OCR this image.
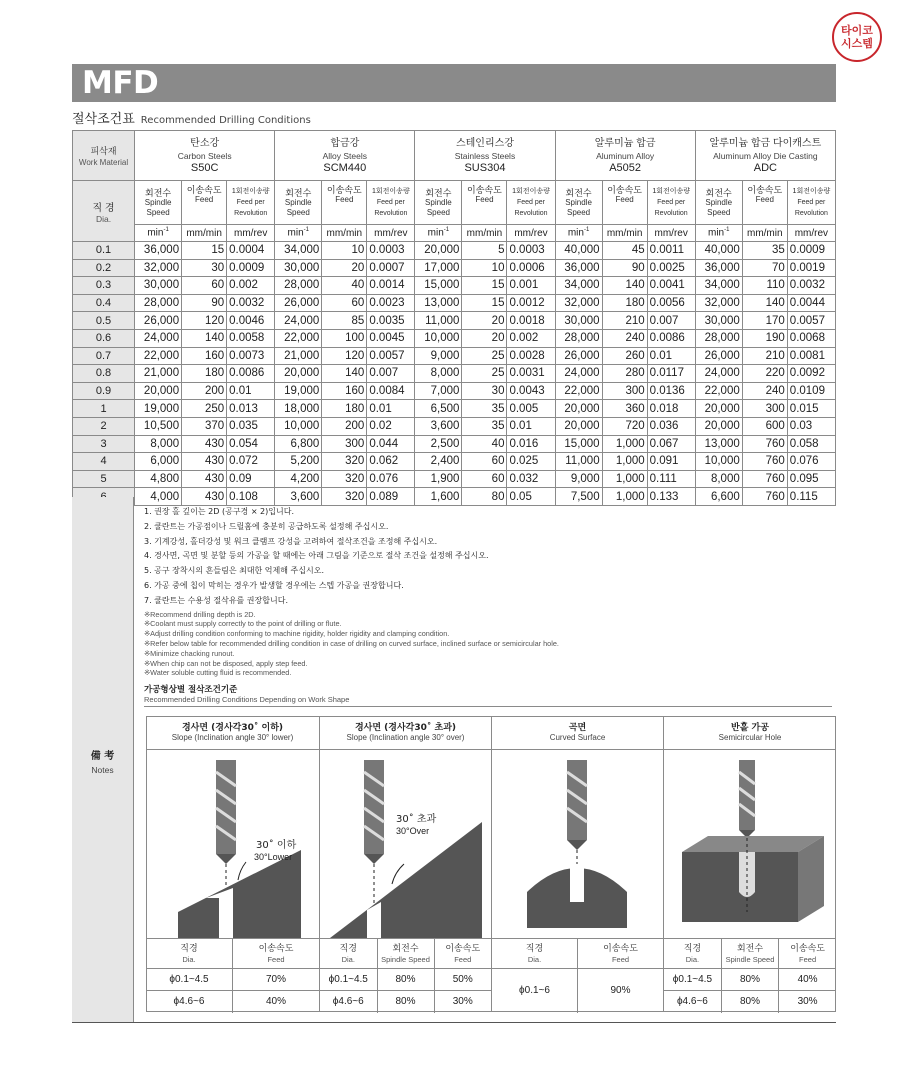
타이코
시스템
MFD
절삭조건표 Recommended Drilling Conditions
피삭재
Work Material	탄소강
Carbon Steels
S50C			합금강
Alloy Steels
SCM440			스테인리스강
Stainless Steels
SUS304			알루미늄 합금
Aluminum Alloy
A5052			알루미늄 합금 다이캐스트
Aluminum Alloy Die Casting
ADC		

직 경
Dia.	회전수
Spindle
Speed	이송속도
Feed	1회전이송량
Feed per
Revolution	회전수
Spindle
Speed	이송속도
Feed	1회전이송량
Feed per
Revolution	회전수
Spindle
Speed	이송속도
Feed	1회전이송량
Feed per
Revolution	회전수
Spindle
Speed	이송속도
Feed	1회전이송량
Feed per
Revolution	회전수
Spindle
Speed	이송속도
Feed	1회전이송량
Feed per
Revolution
	$\min^{-1}$	mm/min	mm/rev	$\min^{-1}$	mm/min	mm/rev	$\min^{-1}$	mm/min	mm/rev	$\min^{-1}$	mm/min	mm/rev	$\min^{-1}$	mm/min	mm/rev
0.1	36,000	15	0.0004	34,000	10	0.0003	20,000	5	0.0003	40,000	45	0.0011	40,000	35	0.0009
0.2	32,000	30	0.0009	30,000	20	0.0007	17,000	10	0.0006	36,000	90	0.0025	36,000	70	0.0019
0.3	30,000	60	0.002	28,000	40	0.0014	15,000	15	0.001	34,000	140	0.0041	34,000	110	0.0032
0.4	28,000	90	0.0032	26,000	60	0.0023	13,000	15	0.0012	32,000	180	0.0056	32,000	140	0.0044
0.5	26,000	120	0.0046	24,000	85	0.0035	11,000	20	0.0018	30,000	210	0.007	30,000	170	0.0057
0.6	24,000	140	0.0058	22,000	100	0.0045	10,000	20	0.002	28,000	240	0.0086	28,000	190	0.0068
0.7	22,000	160	0.0073	21,000	120	0.0057	9,000	25	0.0028	26,000	260	0.01	26,000	210	0.0081
0.8	21,000	180	0.0086	20,000	140	0.007	8,000	25	0.0031	24,000	280	0.0117	24,000	220	0.0092
0.9	20,000	200	0.01	19,000	160	0.0084	7,000	30	0.0043	22,000	300	0.0136	22,000	240	0.0109
1	19,000	250	0.013	18,000	180	0.01	6,500	35	0.005	20,000	360	0.018	20,000	300	0.015
2	10,500	370	0.035	10,000	200	0.02	3,600	35	0.01	20,000	720	0.036	20,000	600	0.03
3	8,000	430	0.054	6,800	300	0.044	2,500	40	0.016	15,000	1,000	0.067	13,000	760	0.058
4	6,000	430	0.072	5,200	320	0.062	2,400	60	0.025	11,000	1,000	0.091	10,000	760	0.076
5	4,800	430	0.09	4,200	320	0.076	1,900	60	0.032	9,000	1,000	0.111	8,000	760	0.095
	4,000	430	0.108	3,600	320	0.089	1,600	80	0.05	7,500	1,000	0.133	6,600	760	0.115
備 考
Notes
1. 권장 홀 깊이는 2D (공구경 × 2)입니다.
2. 쿨란트는 가공점이나 드릴홈에 충분히 공급하도록 설정해 주십시오.
3. 기계강성, 홀더강성 및 워크 클램프 강성을 고려하여 절삭조건을 조정해 주십시오.
4. 경사면, 곡면 및 분할 등의 가공을 할 때에는 아래 그림을 기준으로 절삭 조건을 설정해 주십시오.
5. 공구 장착시의 흔들림은 최대한 억제해 주십시오.
6. 가공 중에 칩이 막히는 경우가 발생할 경우에는 스텝 가공을 권장합니다.
7. 쿨란트는 수용성 절삭유를 권장합니다.
※Recommend drilling depth is 2D.
※Coolant must supply correctly to the point of drilling or flute.
※Adjust drilling condition conforming to machine rigidity, holder rigidity and clamping condition.
※Refer below table for recommended drilling condition in case of drilling on curved surface, inclined surface or semicircular hole.
※Minimize chacking runout.
※When chip can not be disposed, apply step feed.
※Water soluble cutting fluid is recommended.
가공형상별 절삭조건기준
Recommended Drilling Conditions Depending on Work Shape
경사면 (경사각30˚ 이하)
Slope (Inclination angle 30° lower)
30˚ 이하
30°Lower
직경
Dia.	이송속도
Feed

ϕ0.1~4.5	70%
ϕ4.6~6	40%
경사면 (경사각30˚ 초과)
Slope (Inclination angle 30° over)
30˚ 초과
30°Over
직경
Dia.	회전수
Spindle Speed	이송속도
Feed

ϕ0.1~4.5	80%	50%
ϕ4.6~6	80%	30%
곡면
Curved Surface
직경
Dia.	이송속도
Feed

ϕ0.1~6	90%

반홀 가공
Semicircular Hole
직경
Dia.	회전수
Spindle Speed	이송속도
Feed

ϕ0.1~4.5	80%	40%
ϕ4.6~6	80%	30%
